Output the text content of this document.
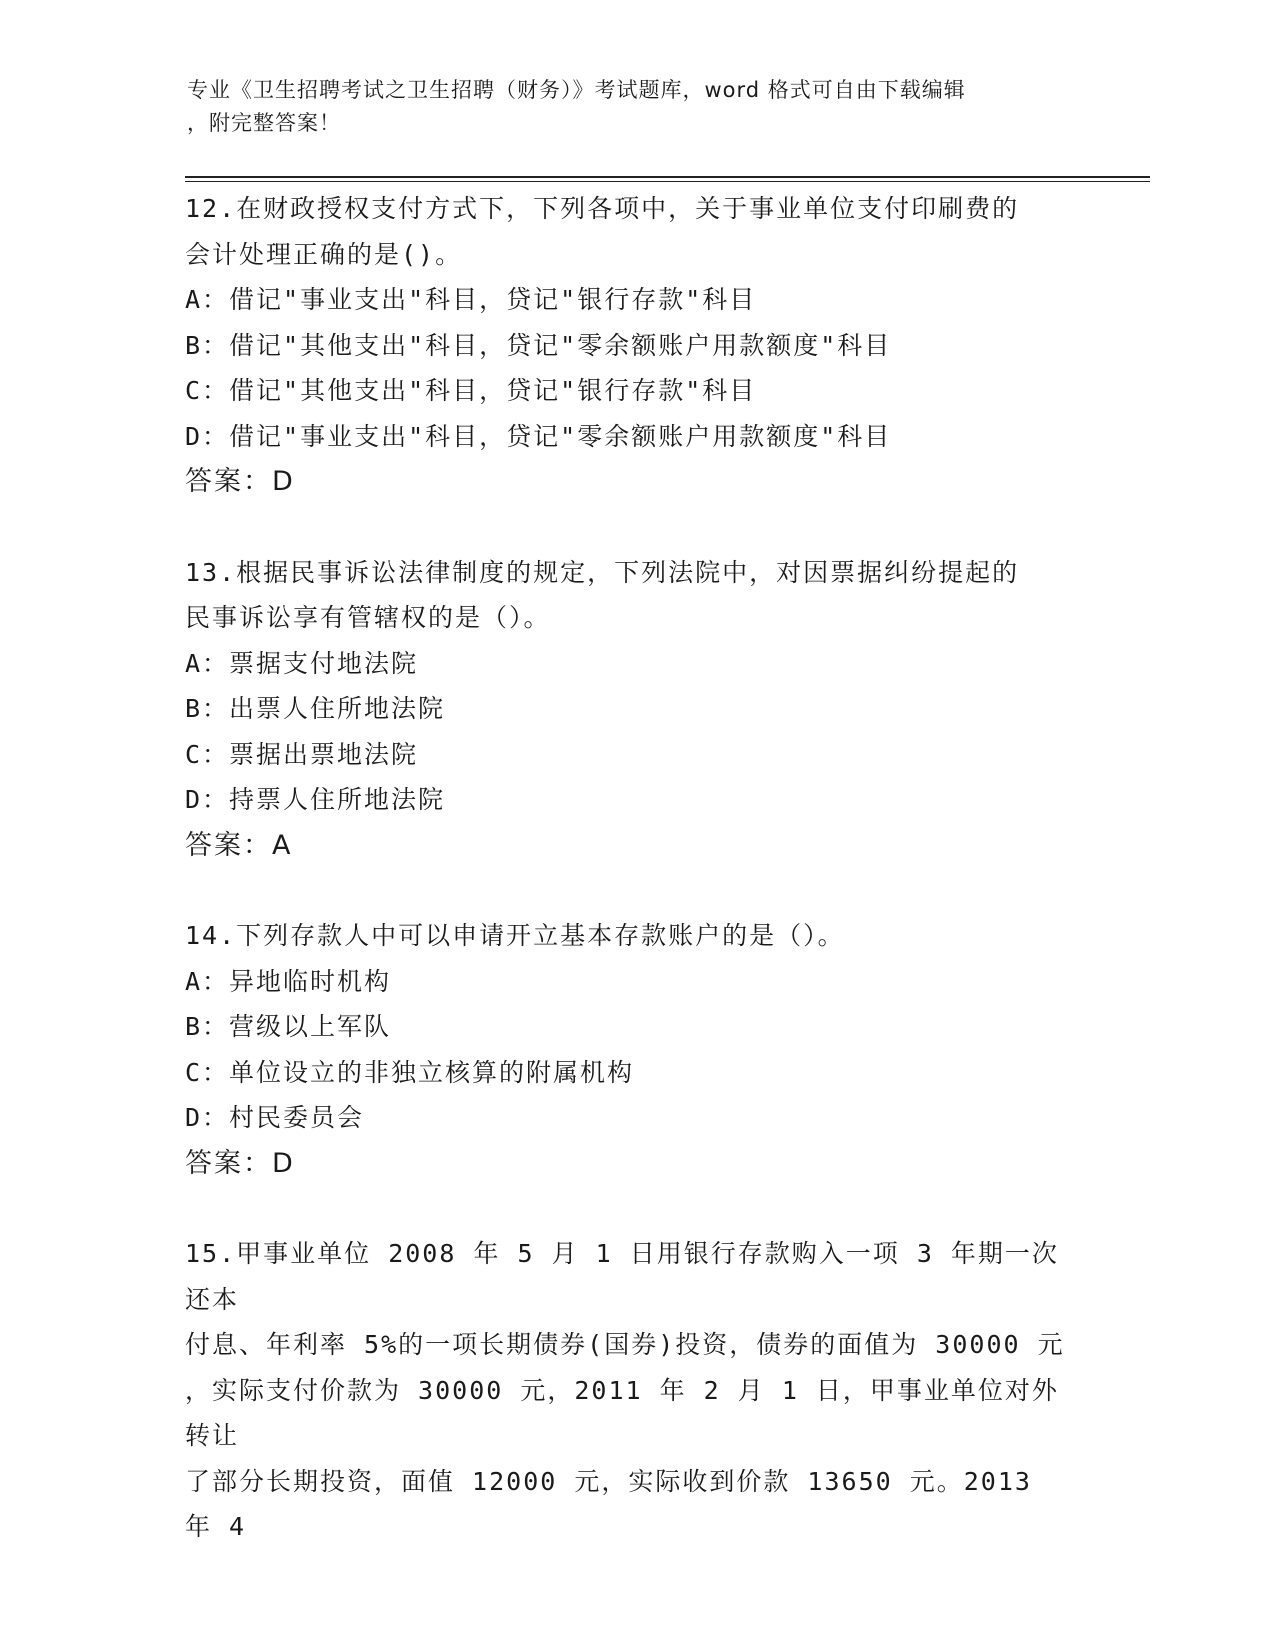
专业《卫生招聘考试之卫生招聘（财务）》考试题库，word 格式可自由下载编辑

，附完整答案！

12.在财政授权支付方式下，下列各项中，关于事业单位支付印刷费的

会计处理正确的是()。

A：借记"事业支出"科目，贷记"银行存款"科目

B：借记"其他支出"科目，贷记"零余额账户用款额度"科目

C：借记"其他支出"科目，贷记"银行存款"科目

D：借记"事业支出"科目，贷记"零余额账户用款额度"科目

答案：D

13.根据民事诉讼法律制度的规定，下列法院中，对因票据纠纷提起的

民事诉讼享有管辖权的是（）。

A：票据支付地法院

B：出票人住所地法院

C：票据出票地法院

D：持票人住所地法院

答案：A

14.下列存款人中可以申请开立基本存款账户的是（）。

A：异地临时机构

B：营级以上军队

C：单位设立的非独立核算的附属机构

D：村民委员会

答案：D

15.甲事业单位 2008 年 5 月 1 日用银行存款购入一项 3 年期一次还本

付息、年利率 5%的一项长期债券(国券)投资，债券的面值为 30000 元

，实际支付价款为 30000 元，2011 年 2 月 1 日，甲事业单位对外转让

了部分长期投资，面值 12000 元，实际收到价款 13650 元。2013 年 4
